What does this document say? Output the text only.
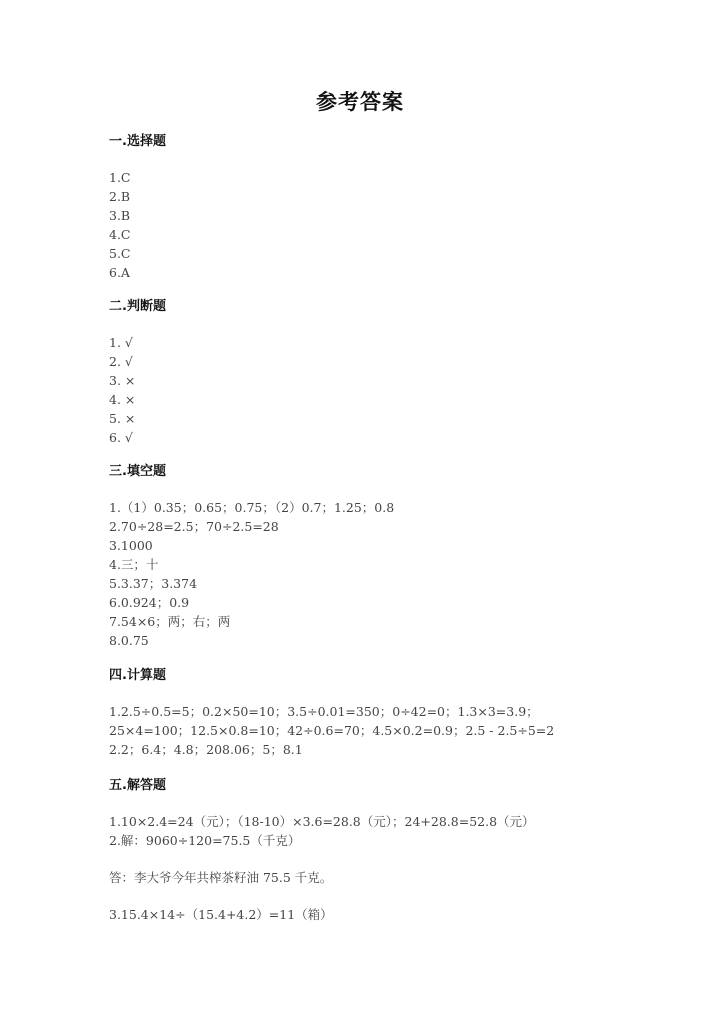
参考答案
一.选择题
1.C
2.B
3.B
4.C
5.C
6.A
二.判断题
1. √
2. √
3. ×
4. ×
5. ×
6. √
三.填空题
1.（1）0.35；0.65；0.75；（2）0.7；1.25；0.8
2.70÷28=2.5；70÷2.5=28
3.1000
4.三；十
5.3.37；3.374
6.0.924；0.9
7.54×6；两；右；两
8.0.75
四.计算题
1.2.5÷0.5=5；0.2×50=10；3.5÷0.01=350；0÷42=0；1.3×3=3.9；
25×4=100；12.5×0.8=10；42÷0.6=70；4.5×0.2=0.9；2.5 - 2.5÷5=2
2.2；6.4；4.8；208.06；5；8.1
五.解答题
1.10×2.4=24（元）；（18-10）×3.6=28.8（元）；24+28.8=52.8（元）
2.解：9060÷120=75.5（千克）
答：李大爷今年共榨茶籽油 75.5 千克。
3.15.4×14÷（15.4+4.2）=11（箱）
